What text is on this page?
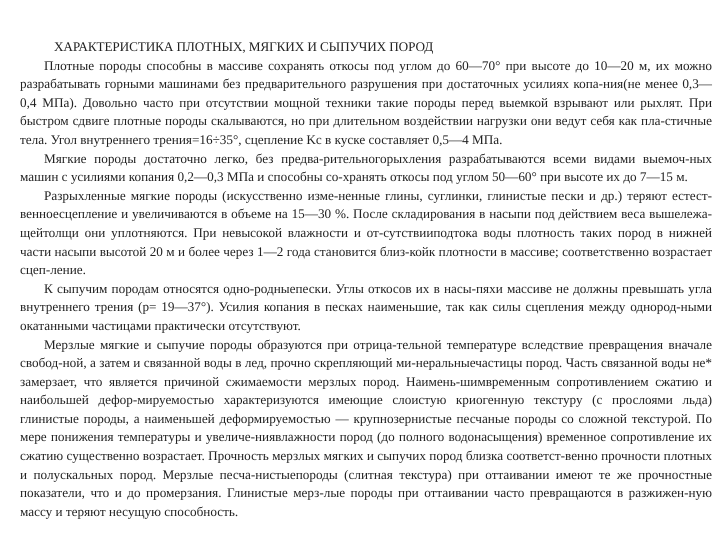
ХАРАКТЕРИСТИКА ПЛОТНЫХ, МЯГКИХ И СЫПУЧИХ ПОРОД

Плотные породы способны в массиве сохранять откосы под углом до 60—70° при высоте до 10—20 м, их можно разрабатывать горными машинами без предварительного разрушения при достаточных усилиях копа-ния(не менее 0,3—0,4 МПа). Довольно часто при отсутствии мощной техники такие породы перед выемкой взрывают или рыхлят. При быстром сдвиге плотные породы скалываются, но при длительном воздействии нагрузки они ведут себя как пла-стичные тела. Угол внутреннего трения=16÷35°, сцепление Kс в куске составляет 0,5—4 МПа.

Мягкие породы достаточно легко, без предва-рительногорыхления разрабатываются всеми видами выемоч-ных машин с усилиями копания 0,2—0,3 МПа и способны со-хранять откосы под углом 50—60° при высоте их до 7—15 м.

Разрыхленные мягкие породы (искусственно изме-ненные глины, суглинки, глинистые пески и др.) теряют естест-венноесцепление и увеличиваются в объеме на 15—30 %. После складирования в насыпи под действием веса вышележа-щейтолщи они уплотняются. При невысокой влажности и от-сутствииподтока воды плотность таких пород в нижней части насыпи высотой 20 м и более через 1—2 года становится близ-койк плотности в массиве; соответственно возрастает сцеп-ление.

К сыпучим породам относятся одно-родныепески. Углы откосов их в насы-пяхи массиве не должны превышать угла внутреннего трения (р= 19—37°). Усилия копания в песках наименьшие, так как силы сцепления между однород-ными окатанными частицами практически отсутствуют.

Мерзлые мягкие и сыпучие породы образуются при отрица-тельной температуре вследствие превращения вначале свобод-ной, а затем и связанной воды в лед, прочно скрепляющий ми-неральныечастицы пород. Часть связанной воды не* замерзает, что является причиной сжимаемости мерзлых пород. Наимень-шимвременным сопротивлением сжатию и наибольшей дефор-мируемостью характеризуются имеющие слоистую криогенную текстуру (с прослоями льда) глинистые породы, а наименьшей деформируемостью — крупнозернистые песчаные породы со сложной текстурой. По мере понижения температуры и увеличе-ниявлажности пород (до полного водонасыщения) временное сопротивление их сжатию существенно возрастает. Прочность мерзлых мягких и сыпучих пород близка соответст-венно прочности плотных и полускальных пород. Мерзлые песча-нистыепороды (слитная текстура) при оттаивании имеют те же прочностные показатели, что и до промерзания. Глинистые мерз-лые породы при оттаивании часто превращаются в разжижен-ную массу и теряют несущую способность.
